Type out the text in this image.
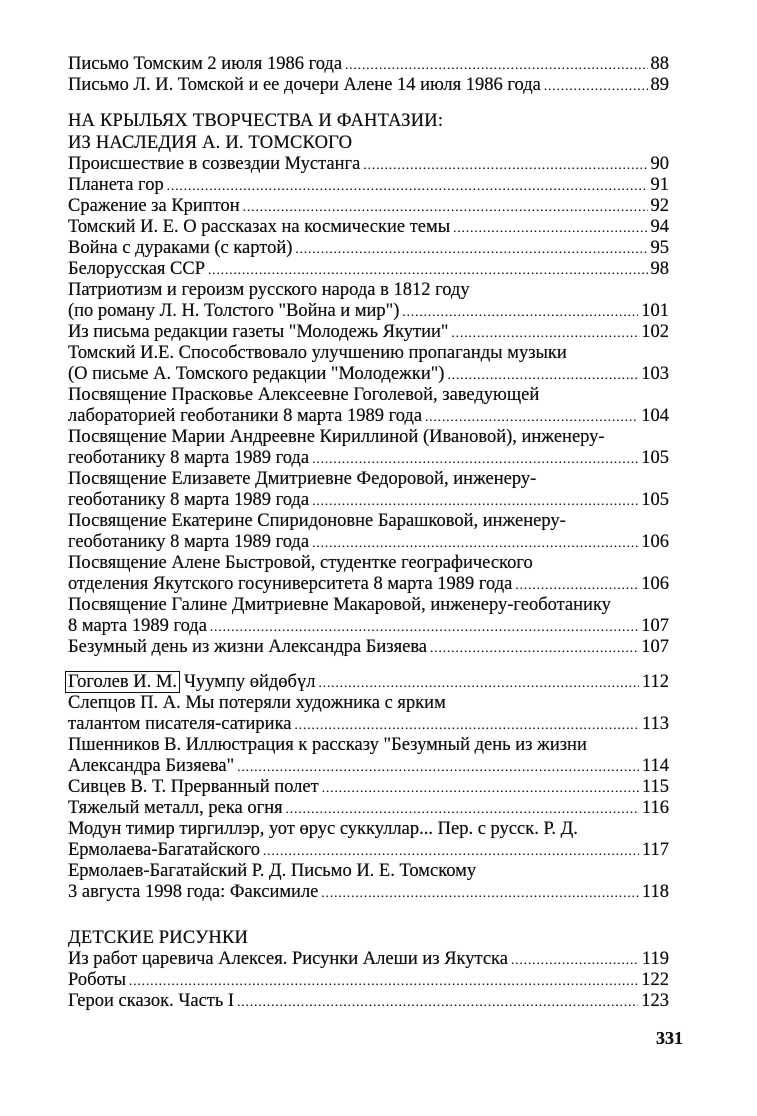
Письмо Томским 2 июля 1986 года .....	88
Письмо Л. И. Томской и ее дочери Алене 14 июля 1986 года .....	89
НА КРЫЛЬЯХ ТВОРЧЕСТВА И ФАНТАЗИИ:
ИЗ НАСЛЕДИЯ А. И. ТОМСКОГО
Происшествие в созвездии Мустанга .....	90
Планета гор .....	91
Сражение за Криптон .....	92
Томский И. Е. О рассказах на космические темы .....	94
Война с дураками (с картой) .....	95
Белорусская ССР .....	98
Патриотизм и героизм русского народа в 1812 году
(по роману Л. Н. Толстого "Война и мир") .....	101
Из письма редакции газеты "Молодежь Якутии" .....	102
Томский И.Е. Способствовало улучшению пропаганды музыки
(О письме А. Томского редакции "Молодежки") .....	103
Посвящение Прасковье Алексеевне Гоголевой, заведующей
лабораторией геоботаники 8 марта 1989 года .....	104
Посвящение Марии Андреевне Кириллиной (Ивановой), инженеру-
геоботанику 8 марта 1989 года .....	105
Посвящение Елизавете Дмитриевне Федоровой, инженеру-
геоботанику 8 марта 1989 года .....	105
Посвящение Екатерине Спиридоновне Барашковой, инженеру-
геоботанику 8 марта 1989 года .....	106
Посвящение Алене Быстровой, студентке географического
отделения Якутского госуниверситета 8 марта 1989 года .....	106
Посвящение Галине Дмитриевне Макаровой, инженеру-геоботанику
8 марта 1989 года .....	107
Безумный день из жизни Александра Бизяева .....	107
Гоголев И. М. Чуумпу өйдөбүл .....	112
Слепцов П. А. Мы потеряли художника с ярким
талантом писателя-сатирика .....	113
Пшенников В. Иллюстрация к рассказу "Безумный день из жизни
Александра Бизяева" .....	114
Сивцев В. Т. Прерванный полет .....	115
Тяжелый металл, река огня .....	116
Модун тимир тиргиллэр, уот өрус суккуллар... Пер. с русск. Р. Д.
Ермолаева-Багатайского .....	117
Ермолаев-Багатайский Р. Д. Письмо И. Е. Томскому
3 августа 1998 года: Факсимиле .....	118
ДЕТСКИЕ РИСУНКИ
Из работ царевича Алексея. Рисунки Алеши из Якутска .....	119
Роботы .....	122
Герои сказок. Часть I .....	123
331
